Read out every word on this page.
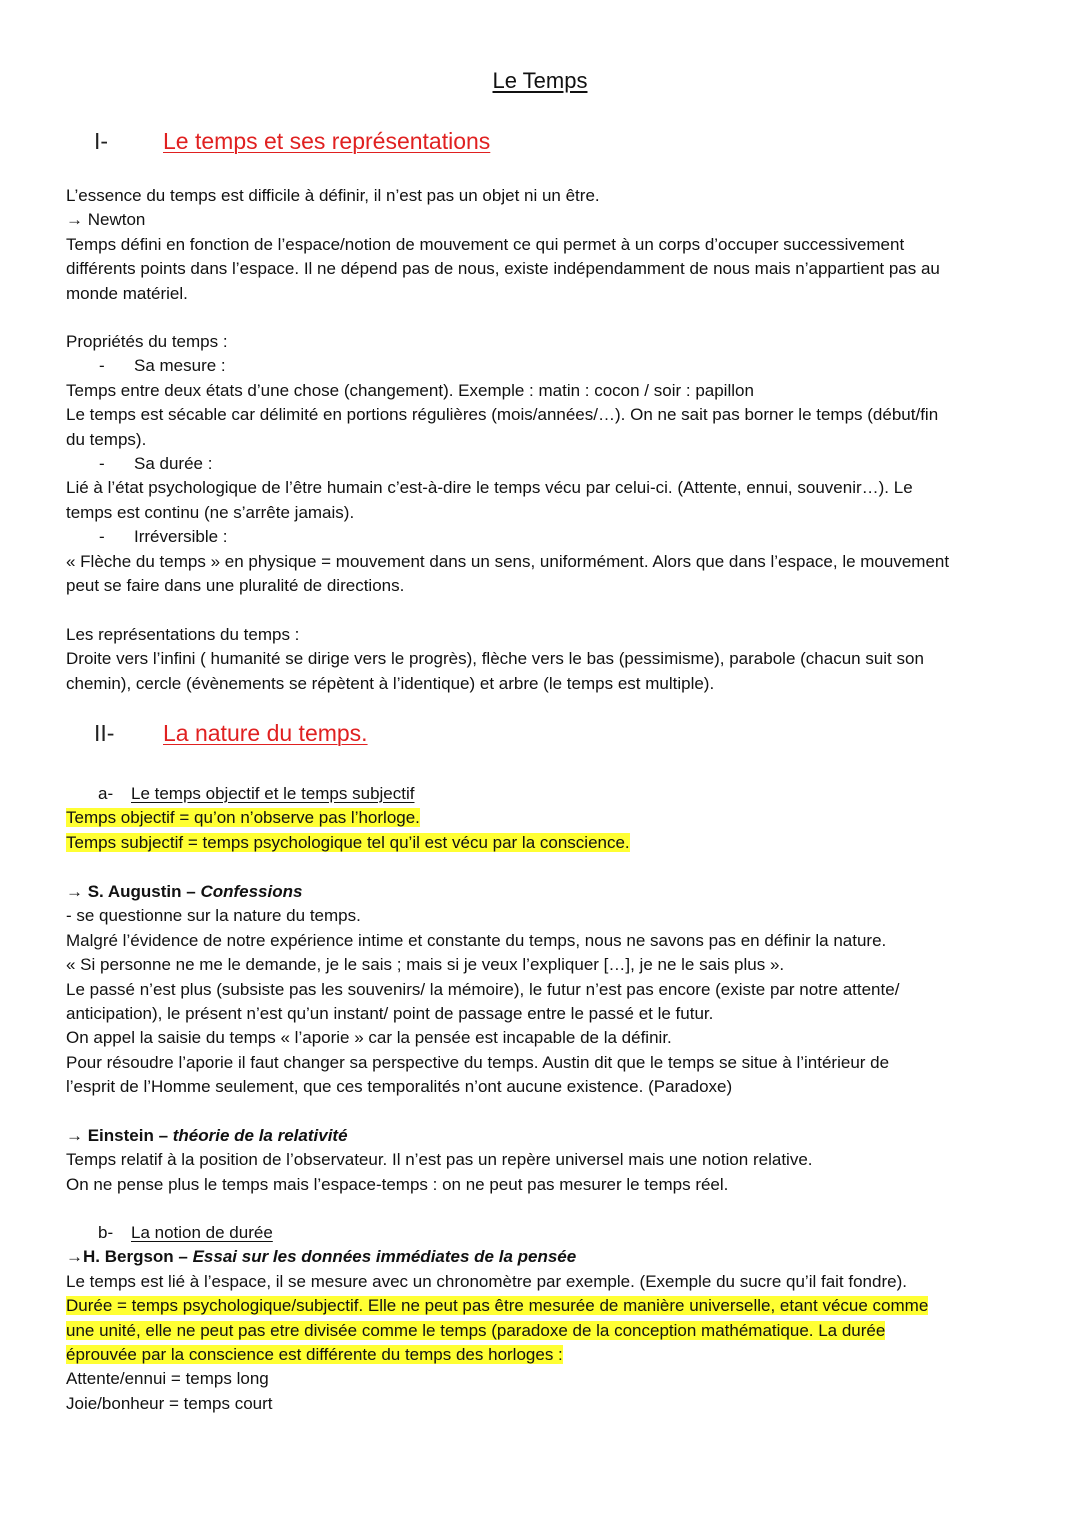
Le Temps
I-	Le temps et ses représentations
L’essence du temps est difficile à définir, il n’est pas un objet ni un être.
→ Newton
Temps défini en fonction de l’espace/notion de mouvement ce qui permet à un corps d’occuper successivement
différents points dans l’espace. Il ne dépend pas de nous, existe indépendamment de nous mais n’appartient pas au
monde matériel.
Propriétés du temps :
- Sa mesure :
Temps entre deux états d’une chose (changement). Exemple : matin : cocon / soir : papillon
Le temps est sécable car délimité en portions régulières (mois/années/…). On ne sait pas borner le temps (début/fin
du temps).
- Sa durée :
Lié à l’état psychologique de l’être humain c’est-à-dire le temps vécu par celui-ci. (Attente, ennui, souvenir…). Le
temps est continu (ne s’arrête jamais).
- Irréversible :
« Flèche du temps » en physique = mouvement dans un sens, uniformément. Alors que dans l’espace, le mouvement
peut se faire dans une pluralité de directions.
Les représentations du temps :
Droite vers l’infini ( humanité se dirige vers le progrès), flèche vers le bas (pessimisme), parabole (chacun suit son
chemin), cercle (évènements se répètent à l’identique) et arbre (le temps est multiple).
II-	La nature du temps.
a- Le temps objectif et le temps subjectif
Temps objectif = qu’on n’observe pas l’horloge.
Temps subjectif = temps psychologique tel qu’il est vécu par la conscience.
→ S. Augustin – Confessions
- se questionne sur la nature du temps.
Malgré l’évidence de notre expérience intime et constante du temps, nous ne savons pas en définir la nature.
« Si personne ne me le demande, je le sais ; mais si je veux l’expliquer […], je ne le sais plus ».
Le passé n’est plus (subsiste pas les souvenirs/ la mémoire), le futur n’est pas encore (existe par notre attente/
anticipation), le présent n’est qu’un instant/ point de passage entre le passé et le futur.
On appel la saisie du temps « l’aporie » car la pensée est incapable de la définir.
Pour résoudre l’aporie il faut changer sa perspective du temps. Austin dit que le temps se situe à l’intérieur de
l’esprit de l’Homme seulement, que ces temporalités n’ont aucune existence. (Paradoxe)
→ Einstein – théorie de la relativité
Temps relatif à la position de l’observateur. Il n’est pas un repère universel mais une notion relative.
On ne pense plus le temps mais l’espace-temps : on ne peut pas mesurer le temps réel.
b- La notion de durée
→H. Bergson – Essai sur les données immédiates de la pensée
Le temps est lié à l’espace, il se mesure avec un chronomètre par exemple. (Exemple du sucre qu’il fait fondre).
Durée = temps psychologique/subjectif. Elle ne peut pas être mesurée de manière universelle, etant vécue comme
une unité, elle ne peut pas etre divisée comme le temps (paradoxe de la conception mathématique. La durée
éprouvée par la conscience est différente du temps des horloges :
Attente/ennui = temps long
Joie/bonheur = temps court
